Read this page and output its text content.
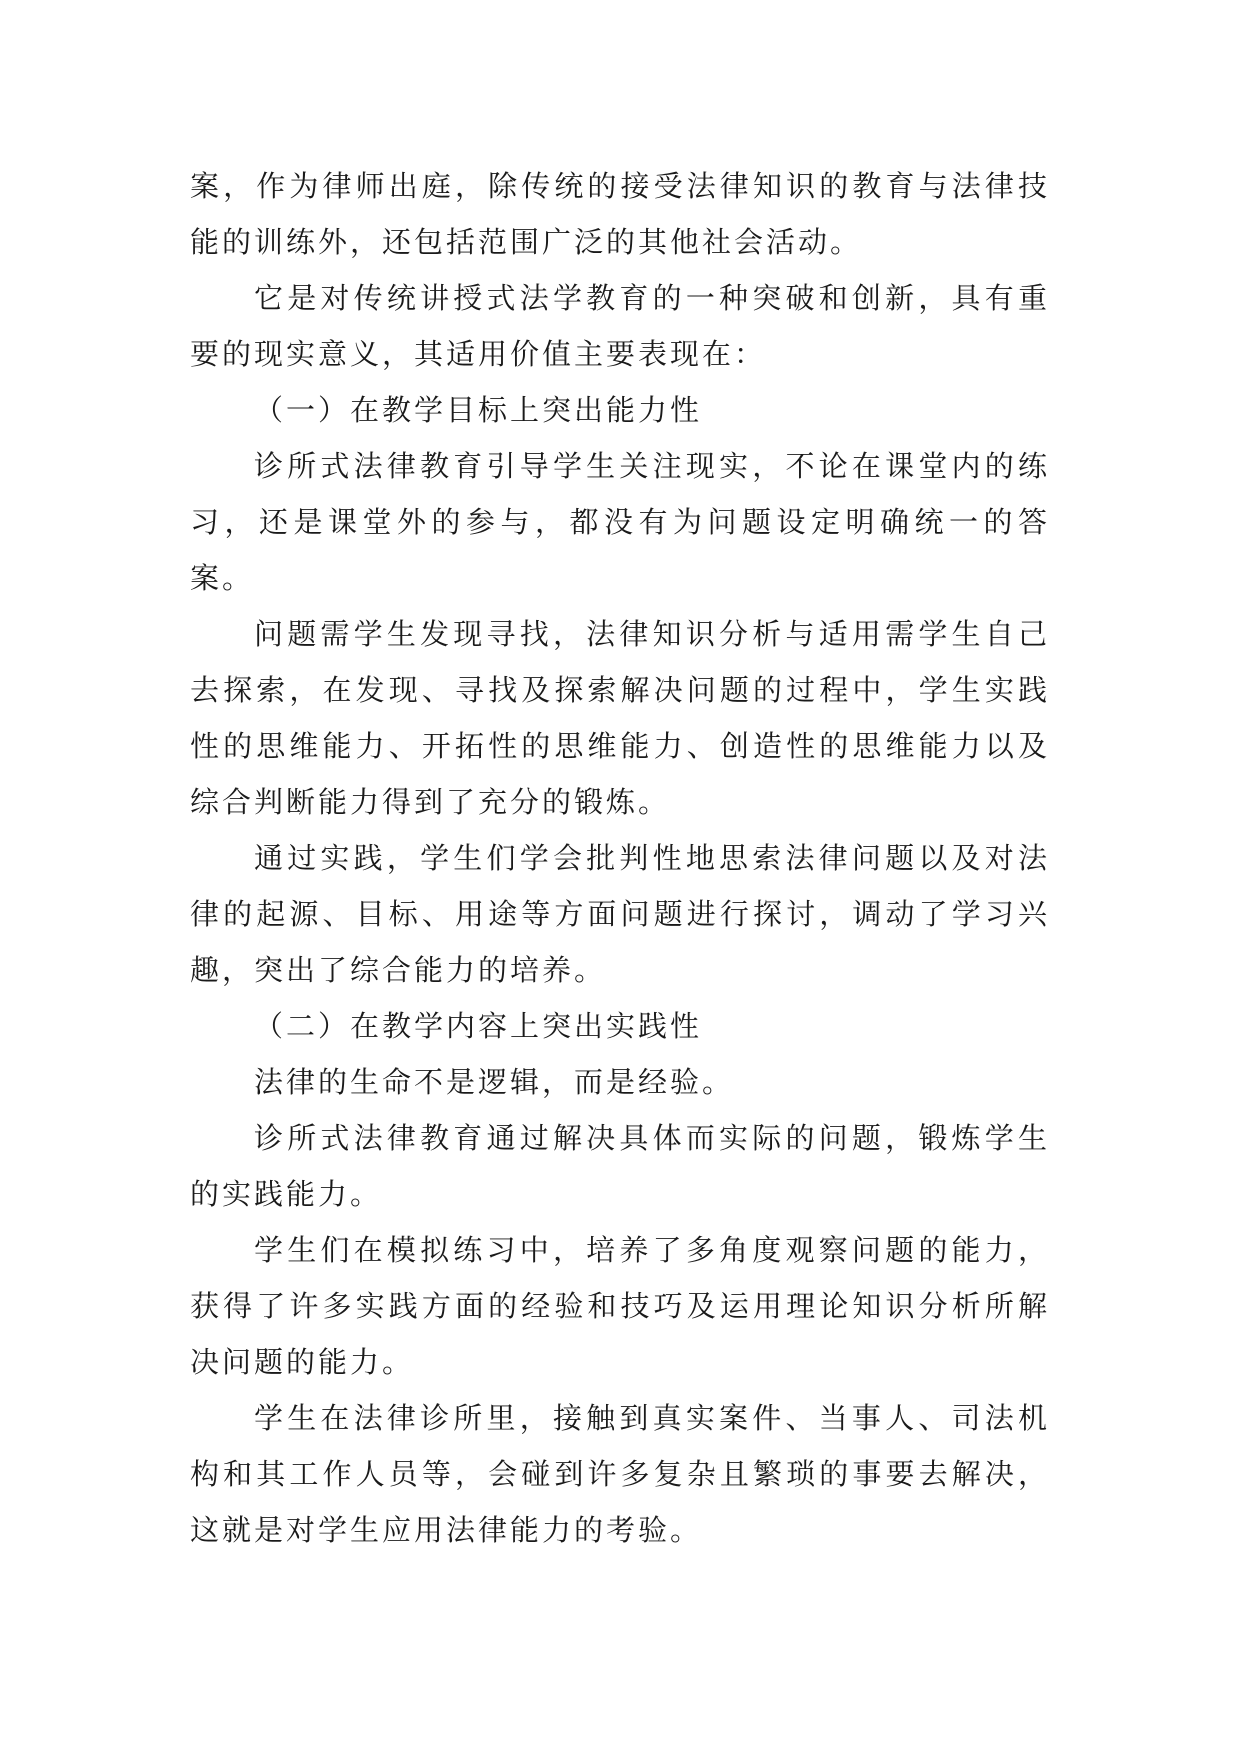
案，作为律师出庭，除传统的接受法律知识的教育与法律技能的训练外，还包括范围广泛的其他社会活动。

它是对传统讲授式法学教育的一种突破和创新，具有重要的现实意义，其适用价值主要表现在：

（一）在教学目标上突出能力性

诊所式法律教育引导学生关注现实，不论在课堂内的练习，还是课堂外的参与，都没有为问题设定明确统一的答案。

问题需学生发现寻找，法律知识分析与适用需学生自己去探索，在发现、寻找及探索解决问题的过程中，学生实践性的思维能力、开拓性的思维能力、创造性的思维能力以及综合判断能力得到了充分的锻炼。

通过实践，学生们学会批判性地思索法律问题以及对法律的起源、目标、用途等方面问题进行探讨，调动了学习兴趣，突出了综合能力的培养。

（二）在教学内容上突出实践性

法律的生命不是逻辑，而是经验。

诊所式法律教育通过解决具体而实际的问题，锻炼学生的实践能力。

学生们在模拟练习中，培养了多角度观察问题的能力，获得了许多实践方面的经验和技巧及运用理论知识分析所解决问题的能力。

学生在法律诊所里，接触到真实案件、当事人、司法机构和其工作人员等，会碰到许多复杂且繁琐的事要去解决，这就是对学生应用法律能力的考验。
